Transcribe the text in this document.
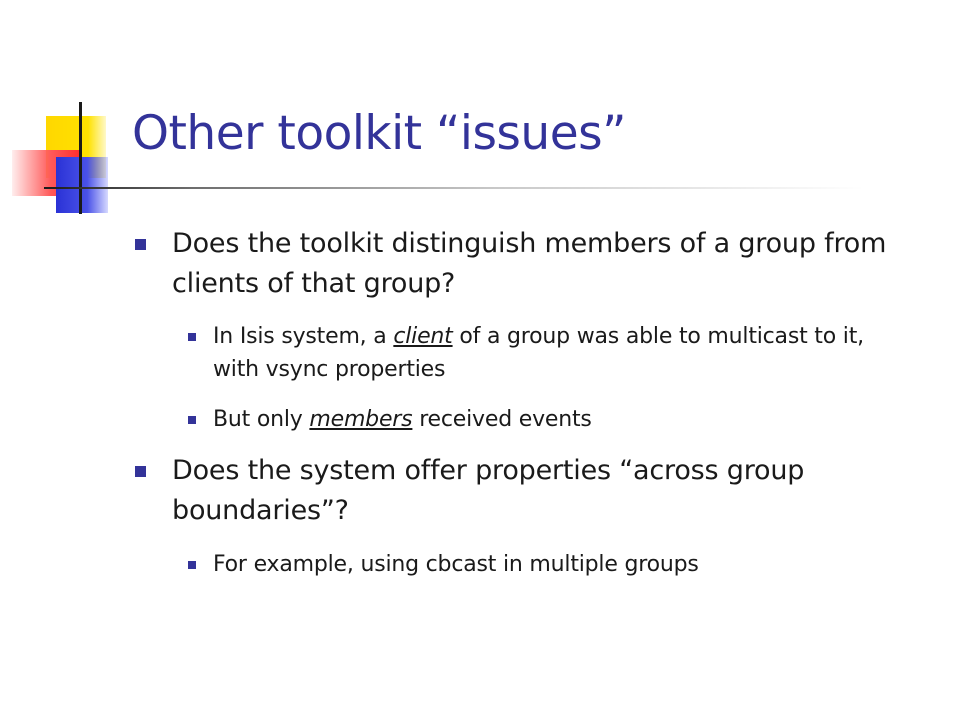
Other toolkit “issues”
Does the toolkit distinguish members of a group from clients of that group?
In Isis system, a client of a group was able to multicast to it, with vsync properties
But only members received events
Does the system offer properties “across group boundaries”?
For example, using cbcast in multiple groups
